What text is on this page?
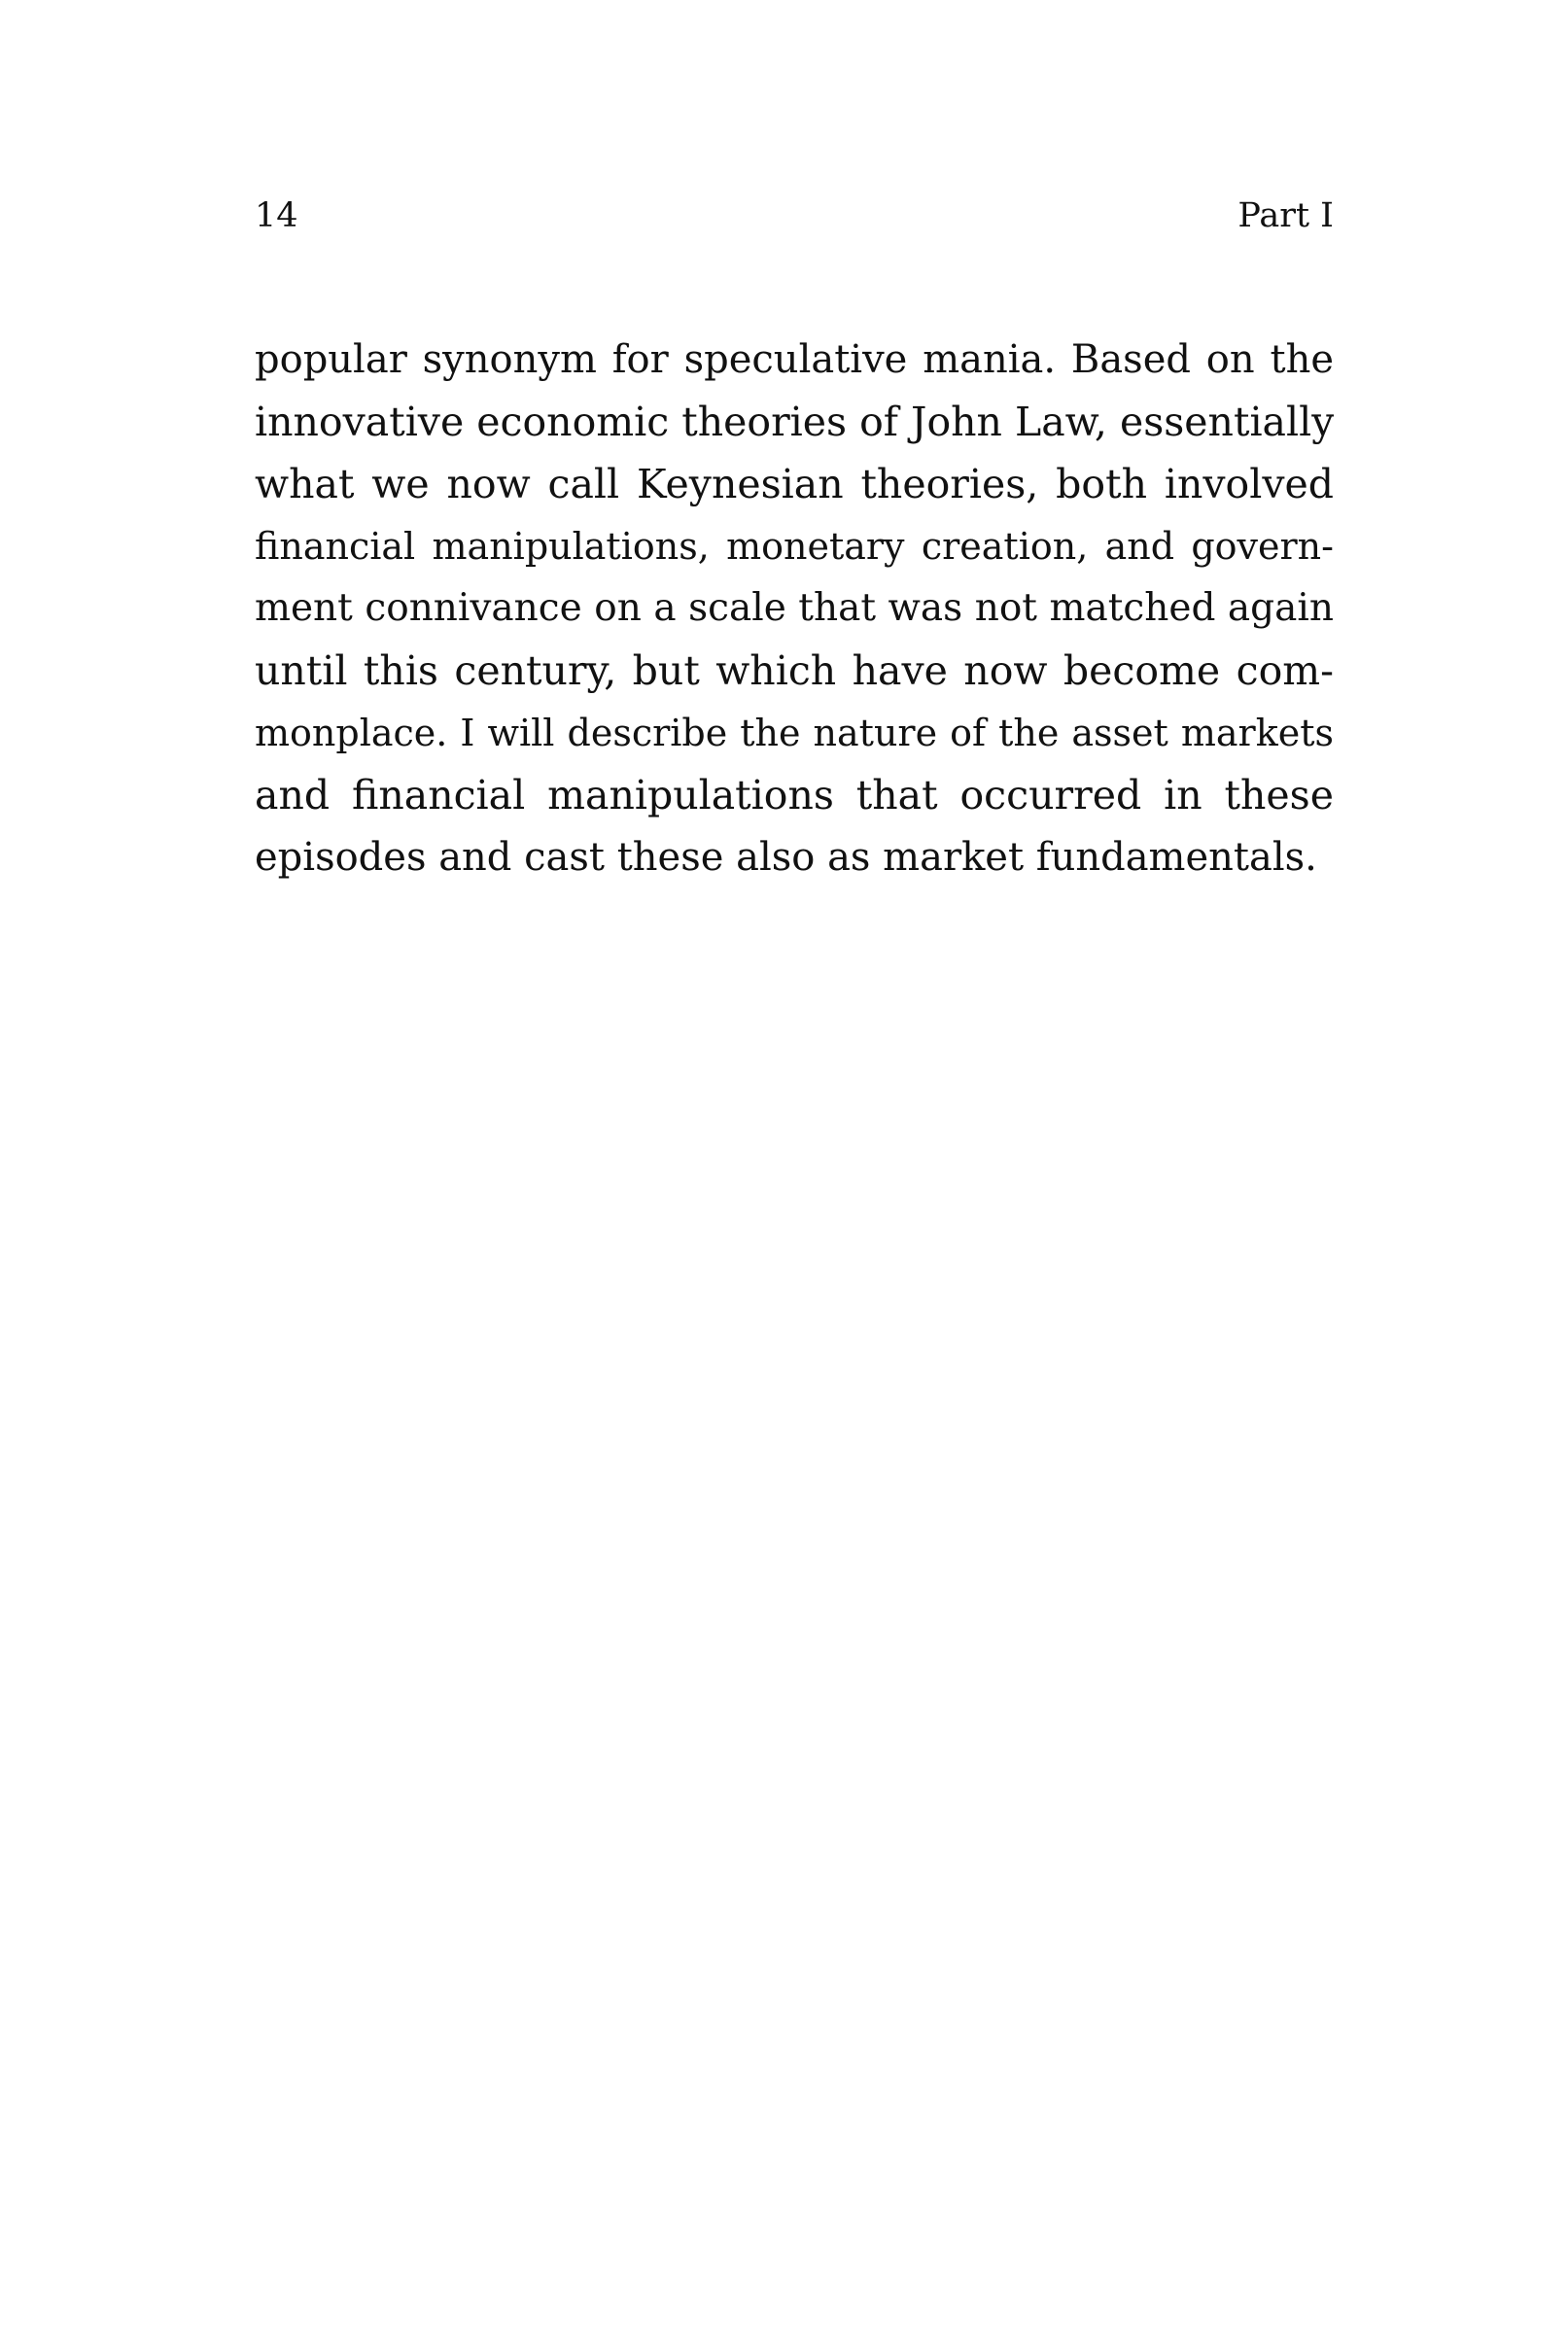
14	Part I
popular synonym for speculative mania. Based on the
innovative economic theories of John Law, essentially
what we now call Keynesian theories, both involved
financial manipulations, monetary creation, and govern-
ment connivance on a scale that was not matched again
until this century, but which have now become com-
monplace. I will describe the nature of the asset markets
and financial manipulations that occurred in these
episodes and cast these also as market fundamentals.
